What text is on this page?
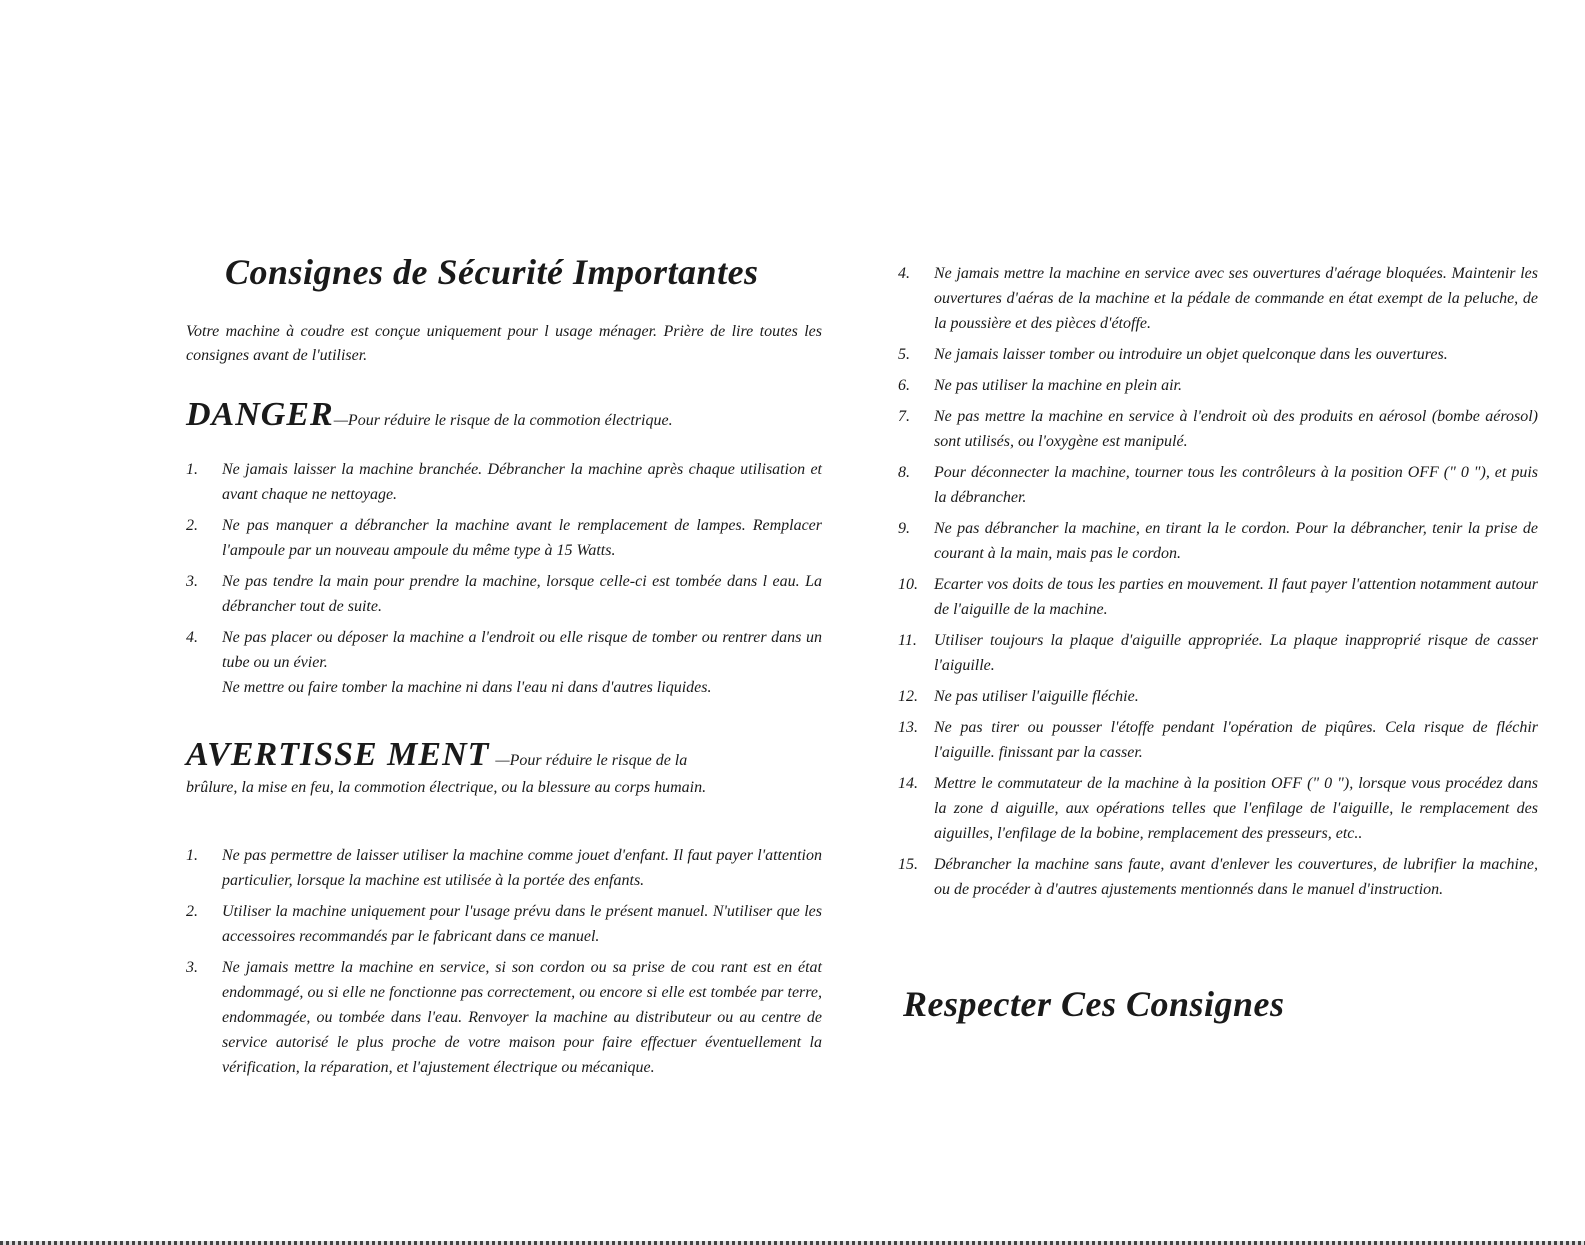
Consignes de Sécurité Importantes

Votre machine à coudre est conçue uniquement pour l usage ménager. Prière de lire toutes les consignes avant de l'utiliser.

DANGER—Pour réduire le risque de la commotion électrique.
1. Ne jamais laisser la machine branchée. Débrancher la machine après chaque utilisation et avant chaque ne nettoyage.
2. Ne pas manquer a débrancher la machine avant le remplacement de lampes. Remplacer l'ampoule par un nouveau ampoule du même type à 15 Watts.
3. Ne pas tendre la main pour prendre la machine, lorsque celle-ci est tombée dans l eau. La débrancher tout de suite.
4. Ne pas placer ou déposer la machine a l'endroit ou elle risque de tomber ou rentrer dans un tube ou un évier.
Ne mettre ou faire tomber la machine ni dans l'eau ni dans d'autres liquides.
AVERTISSE MENT —Pour réduire le risque de la

brûlure, la mise en feu, la commotion électrique, ou la blessure au corps humain.

1. Ne pas permettre de laisser utiliser la machine comme jouet d'enfant. Il faut payer l'attention particulier, lorsque la machine est utilisée à la portée des enfants.
2. Utiliser la machine uniquement pour l'usage prévu dans le présent manuel. N'utiliser que les accessoires recommandés par le fabricant dans ce manuel.
3. Ne jamais mettre la machine en service, si son cordon ou sa prise de cou rant est en état endommagé, ou si elle ne fonctionne pas correctement, ou encore si elle est tombée par terre, endommagée, ou tombée dans l'eau. Renvoyer la machine au distributeur ou au centre de service autorisé le plus proche de votre maison pour faire effectuer éventuellement la vérification, la réparation, et l'ajustement électrique ou mécanique.
4. Ne jamais mettre la machine en service avec ses ouvertures d'aérage bloquées. Maintenir les ouvertures d'aéras de la machine et la pédale de commande en état exempt de la peluche, de la poussière et des pièces d'étoffe.
5. Ne jamais laisser tomber ou introduire un objet quelconque dans les ouvertures.
6. Ne pas utiliser la machine en plein air.
7. Ne pas mettre la machine en service à l'endroit où des produits en aérosol (bombe aérosol) sont utilisés, ou l'oxygène est manipulé.
8. Pour déconnecter la machine, tourner tous les contrôleurs à la position OFF (" 0 "), et puis la débrancher.
9. Ne pas débrancher la machine, en tirant la le cordon. Pour la débrancher, tenir la prise de courant à la main, mais pas le cordon.
10. Ecarter vos doits de tous les parties en mouvement. Il faut payer l'attention notamment autour de l'aiguille de la machine.
11. Utiliser toujours la plaque d'aiguille appropriée. La plaque inapproprié risque de casser l'aiguille.
12. Ne pas utiliser l'aiguille fléchie.
13. Ne pas tirer ou pousser l'étoffe pendant l'opération de piqûres. Cela risque de fléchir l'aiguille. finissant par la casser.
14. Mettre le commutateur de la machine à la position OFF (" 0 "), lorsque vous procédez dans la zone d aiguille, aux opérations telles que l'enfilage de l'aiguille, le remplacement des aiguilles, l'enfilage de la bobine, remplacement des presseurs, etc..
15. Débrancher la machine sans faute, avant d'enlever les couvertures, de lubrifier la machine, ou de procéder à d'autres ajustements mentionnés dans le manuel d'instruction.
Respecter Ces Consignes
